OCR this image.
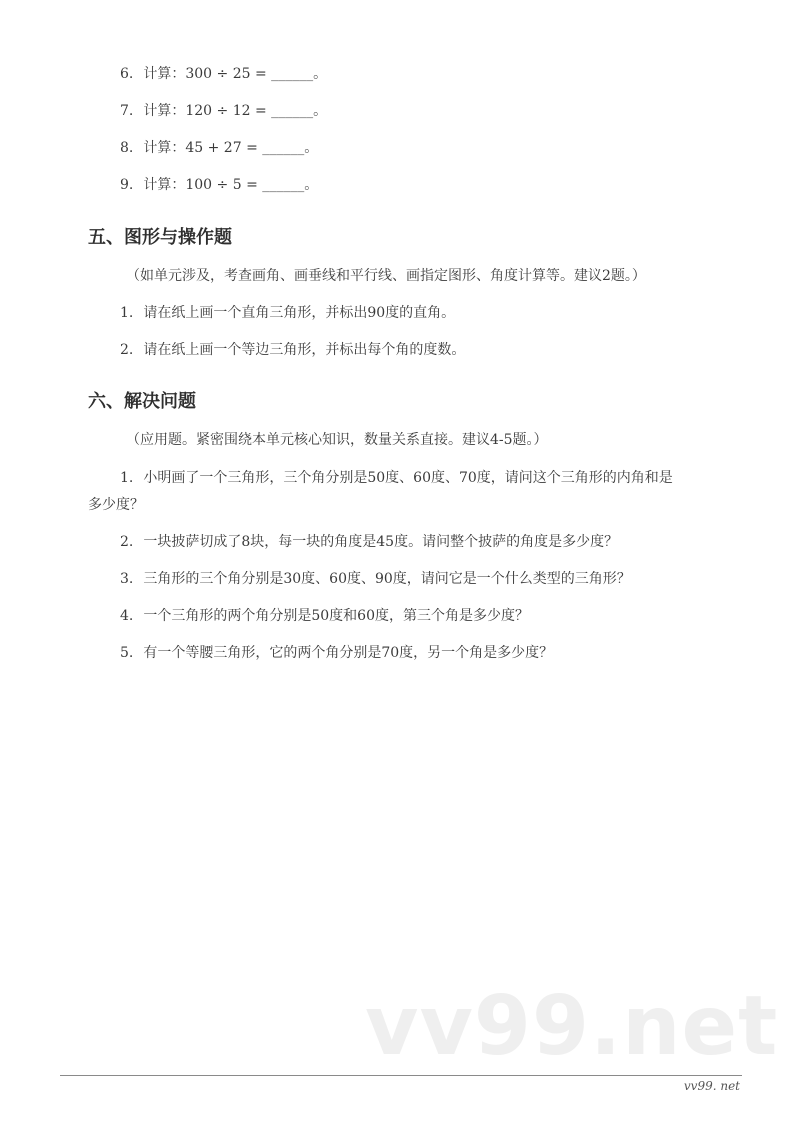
6. 计算：300 ÷ 25 = ______。
7. 计算：120 ÷ 12 = ______。
8. 计算：45 + 27 = ______。
9. 计算：100 ÷ 5 = ______。
五、图形与操作题
（如单元涉及，考查画角、画垂线和平行线、画指定图形、角度计算等。建议2题。）
1. 请在纸上画一个直角三角形，并标出90度的直角。
2. 请在纸上画一个等边三角形，并标出每个角的度数。
六、解决问题
（应用题。紧密围绕本单元核心知识，数量关系直接。建议4-5题。）
1. 小明画了一个三角形，三个角分别是50度、60度、70度，请问这个三角形的内角和是
多少度？
2. 一块披萨切成了8块，每一块的角度是45度。请问整个披萨的角度是多少度？
3. 三角形的三个角分别是30度、60度、90度，请问它是一个什么类型的三角形？
4. 一个三角形的两个角分别是50度和60度，第三个角是多少度？
5. 有一个等腰三角形，它的两个角分别是70度，另一个角是多少度？
vv99.net
vv99. net
